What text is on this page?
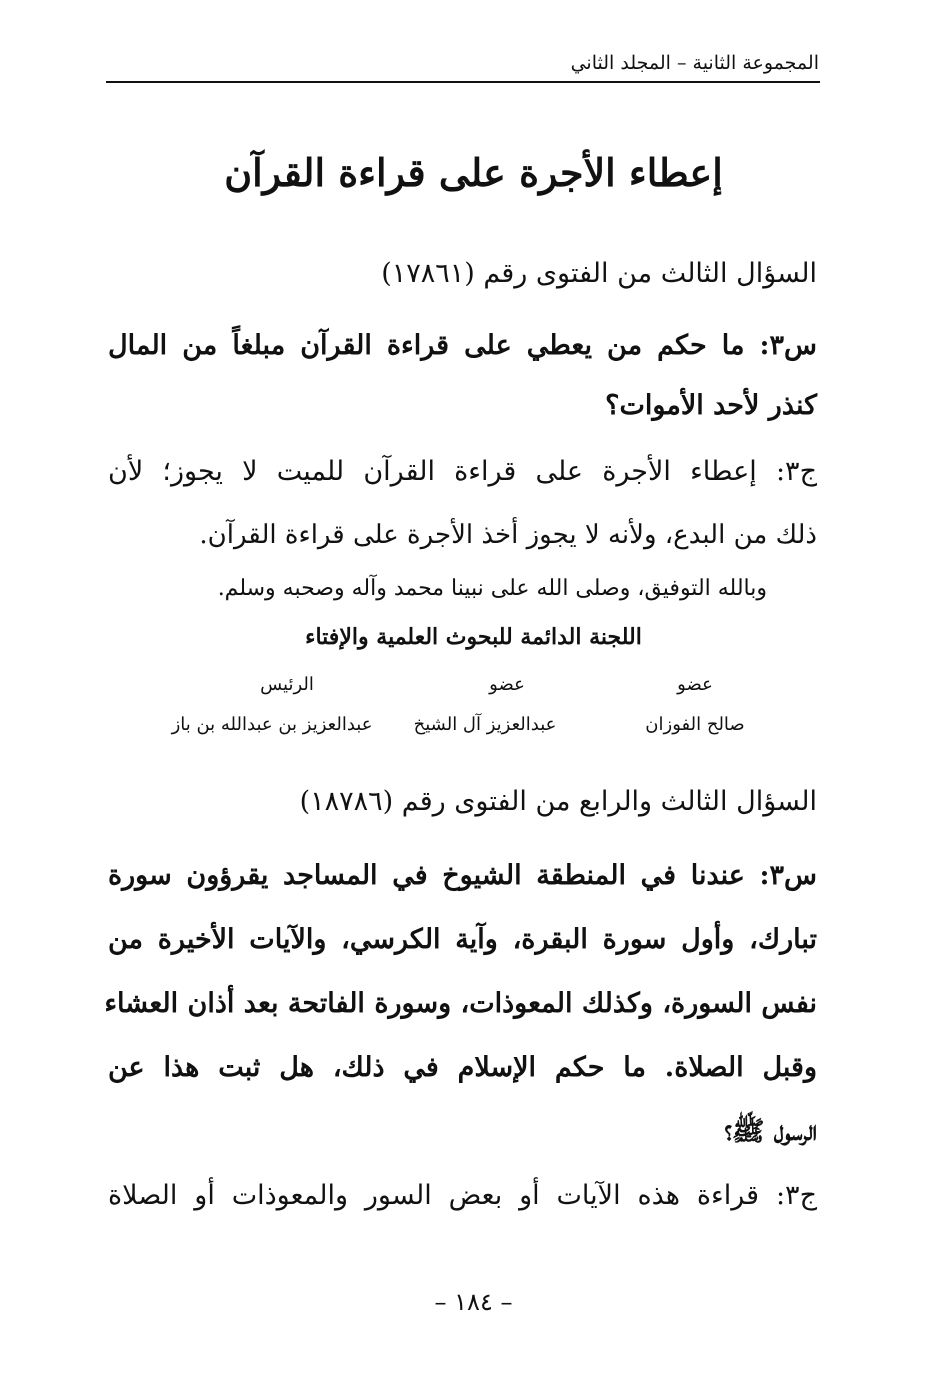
المجموعة الثانية – المجلد الثاني
إعطاء الأجرة على قراءة القرآن
السؤال الثالث من الفتوى رقم (١٧٨٦١)
س٣: ما حكم من يعطي على قراءة القرآن مبلغاً من المال
كنذر لأحد الأموات؟
ج٣: إعطاء الأجرة على قراءة القرآن للميت لا يجوز؛ لأن
ذلك من البدع، ولأنه لا يجوز أخذ الأجرة على قراءة القرآن.
وبالله التوفيق، وصلى الله على نبينا محمد وآله وصحبه وسلم.
اللجنة الدائمة للبحوث العلمية والإفتاء
عضو
عضو
الرئيس
صالح الفوزان
عبدالعزيز آل الشيخ
عبدالعزيز بن عبدالله بن باز
السؤال الثالث والرابع من الفتوى رقم (١٨٧٨٦)
س٣: عندنا في المنطقة الشيوخ في المساجد يقرؤون سورة
تبارك، وأول سورة البقرة، وآية الكرسي، والآيات الأخيرة من
نفس السورة، وكذلك المعوذات، وسورة الفاتحة بعد أذان العشاء
وقبل الصلاة. ما حكم الإسلام في ذلك، هل ثبت هذا عن
الرسول ﷺ؟
ج٣: قراءة هذه الآيات أو بعض السور والمعوذات أو الصلاة
– ١٨٤ –
